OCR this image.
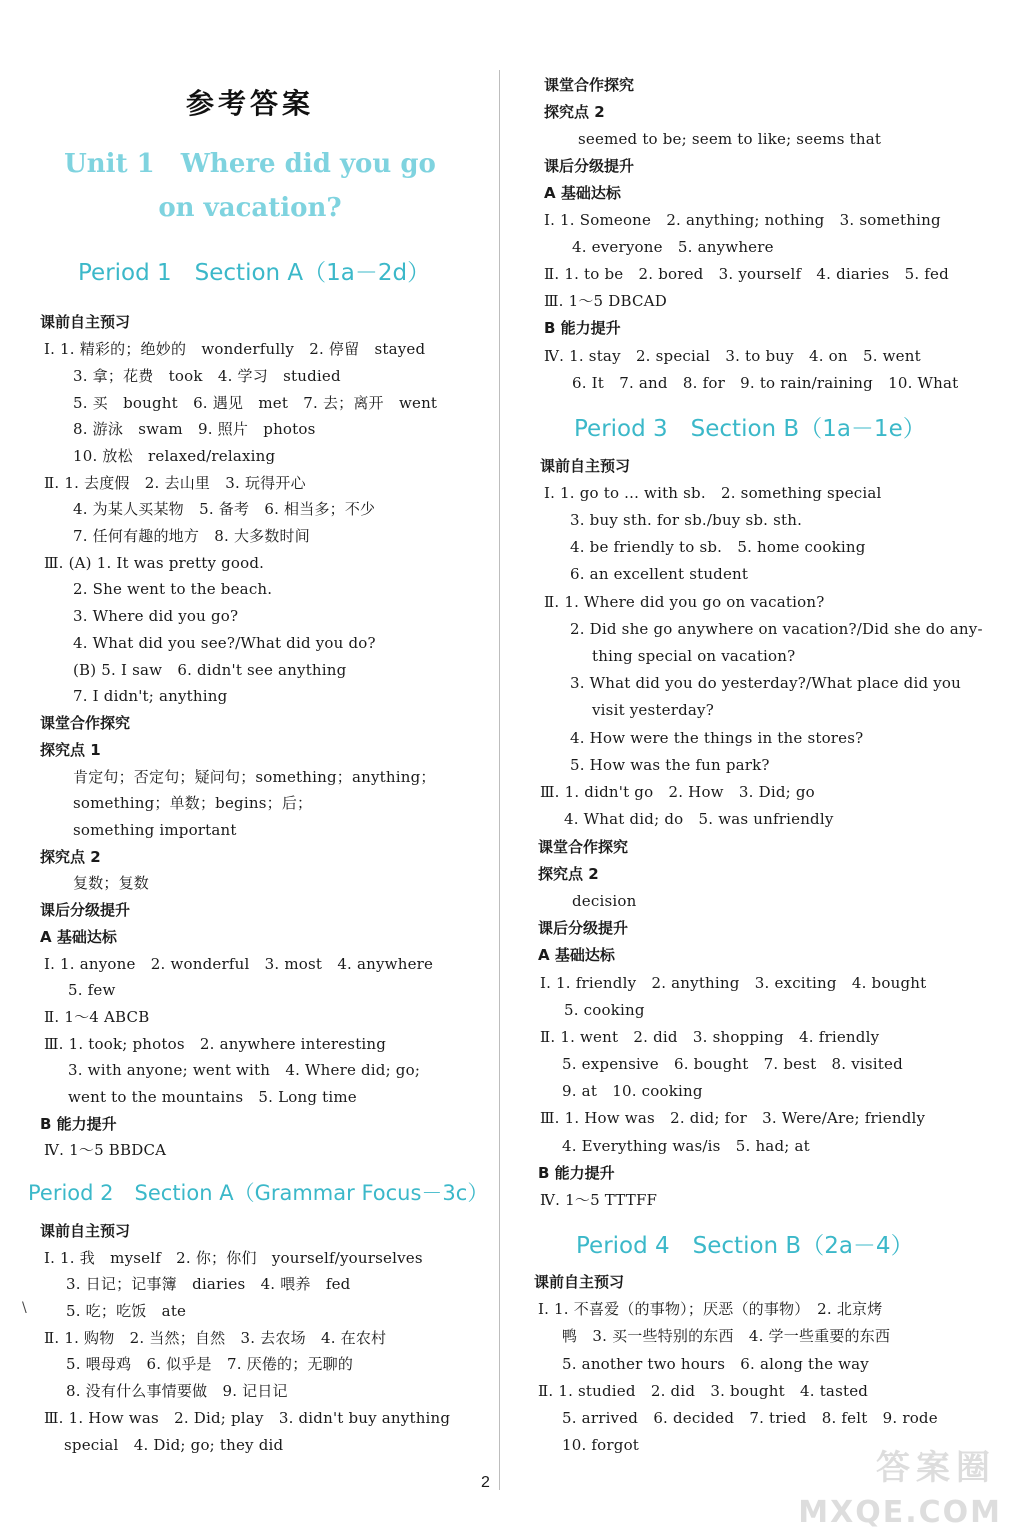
参考答案
Unit 1　Where did you go
on vacation?
Period 1　Section A（1a－2d）
课前自主预习
Ⅰ. 1. 精彩的；绝妙的　wonderfully　2. 停留　stayed
3. 拿；花费　took　4. 学习　studied
5. 买　bought　6. 遇见　met　7. 去；离开　went
8. 游泳　swam　9. 照片　photos
10. 放松　relaxed/relaxing
Ⅱ. 1. 去度假　2. 去山里　3. 玩得开心
4. 为某人买某物　5. 备考　6. 相当多；不少
7. 任何有趣的地方　8. 大多数时间
Ⅲ. (A) 1. It was pretty good.
2. She went to the beach.
3. Where did you go?
4. What did you see?/What did you do?
(B) 5. I saw　6. didn't see anything
7. I didn't; anything
课堂合作探究
探究点 1
肯定句；否定句；疑问句；something；anything；
something；单数；begins；后；
something important
探究点 2
复数；复数
课后分级提升
A 基础达标
Ⅰ. 1. anyone　2. wonderful　3. most　4. anywhere
5. few
Ⅱ. 1～4 ABCB
Ⅲ. 1. took; photos　2. anywhere interesting
3. with anyone; went with　4. Where did; go;
went to the mountains　5. Long time
B 能力提升
Ⅳ. 1～5 BBDCA
Period 2　Section A（Grammar Focus－3c）
课前自主预习
Ⅰ. 1. 我　myself　2. 你；你们　yourself/yourselves
3. 日记；记事簿　diaries　4. 喂养　fed
5. 吃；吃饭　ate
Ⅱ. 1. 购物　2. 当然；自然　3. 去农场　4. 在农村
5. 喂母鸡　6. 似乎是　7. 厌倦的；无聊的
8. 没有什么事情要做　9. 记日记
Ⅲ. 1. How was　2. Did; play　3. didn't buy anything
special　4. Did; go; they did
\
课堂合作探究
探究点 2
seemed to be; seem to like; seems that
课后分级提升
A 基础达标
Ⅰ. 1. Someone　2. anything; nothing　3. something
4. everyone　5. anywhere
Ⅱ. 1. to be　2. bored　3. yourself　4. diaries　5. fed
Ⅲ. 1～5 DBCAD
B 能力提升
Ⅳ. 1. stay　2. special　3. to buy　4. on　5. went
6. It　7. and　8. for　9. to rain/raining　10. What
Period 3　Section B（1a－1e）
课前自主预习
Ⅰ. 1. go to ... with sb.　2. something special
3. buy sth. for sb./buy sb. sth.
4. be friendly to sb.　5. home cooking
6. an excellent student
Ⅱ. 1. Where did you go on vacation?
2. Did she go anywhere on vacation?/Did she do any-
thing special on vacation?
3. What did you do yesterday?/What place did you
visit yesterday?
4. How were the things in the stores?
5. How was the fun park?
Ⅲ. 1. didn't go　2. How　3. Did; go
4. What did; do　5. was unfriendly
课堂合作探究
探究点 2
decision
课后分级提升
A 基础达标
Ⅰ. 1. friendly　2. anything　3. exciting　4. bought
5. cooking
Ⅱ. 1. went　2. did　3. shopping　4. friendly
5. expensive　6. bought　7. best　8. visited
9. at　10. cooking
Ⅲ. 1. How was　2. did; for　3. Were/Are; friendly
4. Everything was/is　5. had; at
B 能力提升
Ⅳ. 1～5 TTTFF
Period 4　Section B（2a－4）
课前自主预习
Ⅰ. 1. 不喜爱（的事物）；厌恶（的事物）　2. 北京烤
鸭　3. 买一些特别的东西　4. 学一些重要的东西
5. another two hours　6. along the way
Ⅱ. 1. studied　2. did　3. bought　4. tasted
5. arrived　6. decided　7. tried　8. felt　9. rode
10. forgot
2	答案圈
MXQE.COM
